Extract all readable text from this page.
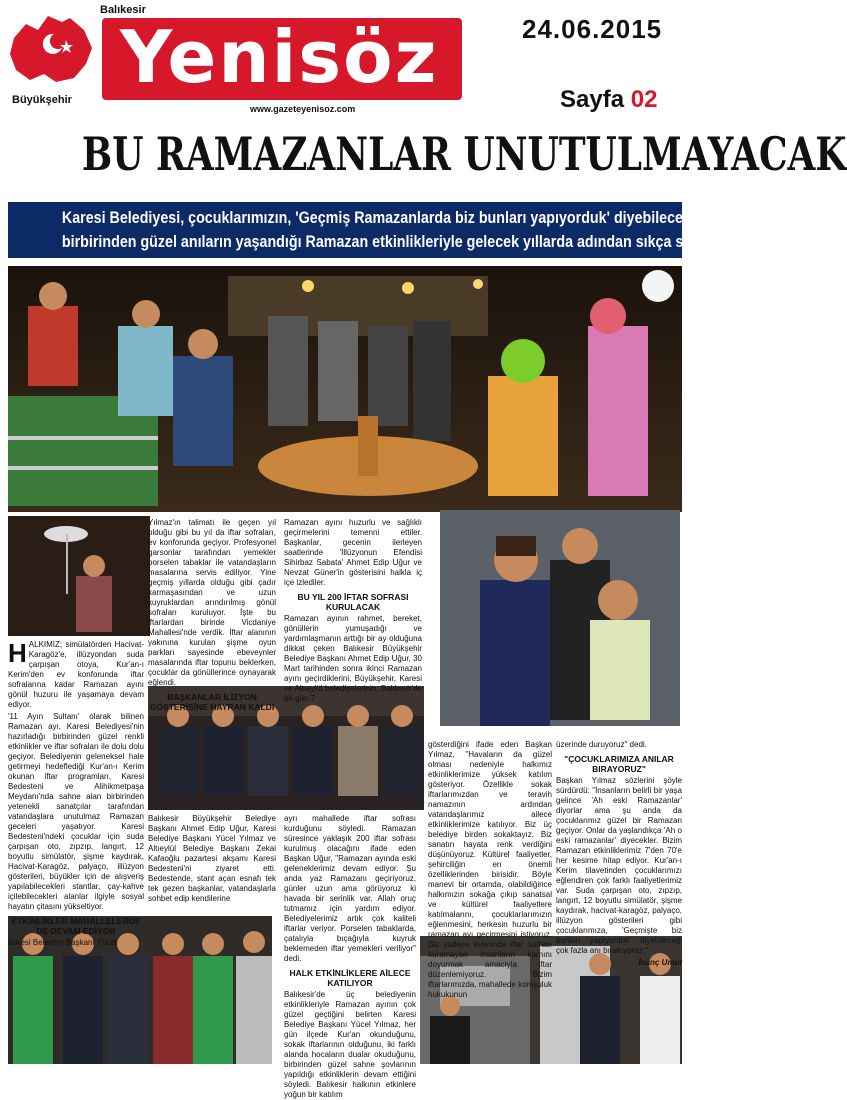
Balıkesir
Yenisöz
Büyükşehir
www.gazeteyenisoz.com
24.06.2015
Sayfa 02
BU RAMAZANLAR UNUTULMAYACAK
Karesi Belediyesi, çocuklarımızın, 'Geçmiş Ramazanlarda biz bunları yapıyorduk' diyebileceği,
birbirinden güzel anıların yaşandığı Ramazan etkinlikleriyle gelecek yıllarda adından sıkça söz ettirecek.

HALKIMIZ; simülatörden Hacivat-Karagöz'e, illüzyondan suda çarpışan otoya, Kur'an-ı Kerim'den ev konforunda iftar sofralarına kadar Ramazan ayını gönül huzuru ile yaşamaya devam ediyor.

'11 Ayın Sultanı' olarak bilinen Ramazan ayı, Karesi Belediyesi'nin hazırladığı birbirinden güzel renkli etkinlikler ve iftar sofraları ile dolu dolu geçiyor. Belediyenin geleneksel hale getirmeyi hedeflediği Kur'an-ı Kerim okunan iftar programları, Karesi Bedesteni ve Alihikmetpaşa Meydanı'nda sahne alan birbirinden yetenekli sanatçılar tarafından vatandaşlara unutulmaz Ramazan geceleri yaşatıyor. Karesi Bedesteni'ndeki çocuklar için suda çarpışan oto, zıpzıp, langırt, 12 boyutlu simülatör, şişme kaydırak, Hacivat-Karagöz, palyaço, illüzyon gösterileri, büyükler için de alışveriş yapılabilecekleri stantlar, çay-kahve içilebilecekleri alanlar ilgiyle sosyal hayatın çitasını yükseltiyor.

ETKİNLİKLER MAHALLELERDE DE DEVAM EDİYOR

Karesi Belediye Başkanı Yücel

Yılmaz'ın talimatı ile geçen yıl olduğu gibi bu yıl da iftar sofraları, ev konforunda geçiyor. Profesyonel garsonlar tarafından yemekler porselen tabaklar ile vatandaşların masalarına servis ediliyor. Yine geçmiş yıllarda olduğu gibi çadır karmaşasından ve uzun kuyruklardan arındırılmış gönül sofraları kuruluyor. İşte bu iftarlardan birinde Vicdaniye Mahallesi'nde verdik. İftar alanının yakınına kurulan şişme oyun parkları sayesinde ebeveynler masalarında iftar topunu beklerken, çocuklar da gönüllerince oynayarak eğlendi.

BAŞKANLAR İLİZYON GÖSTERİSİNE HAYRAN KALDI

Ramazan ayını huzurlu ve sağlıklı geçirmelerini temenni ettiler. Başkanlar, gecenin ilerleyen saatlerinde 'İllüzyonun Efendisi Sihirbaz Sabata' Ahmet Edip Uğur ve Nevzat Güner'in gösterisini halkla iç içe izlediler.

BU YIL 200 İFTAR SOFRASI KURULACAK

Ramazan ayının rahmet, bereket, gönüllerin yumuşadığı ve yardımlaşmanın arttığı bir ay olduğuna dikkat çeken Balıkesir Büyükşehir Belediye Başkanı Ahmet Edip Uğur, 30 Mart tarihinden sonra ikinci Ramazan ayını geçirdiklerini, Büyükşehir, Karesi ve Altıeylül belediyelerinin, Balıkesir'de bir gün 7

Balıkesir Büyükşehir Belediye Başkanı Ahmet Edip Uğur, Karesi Belediye Başkanı Yücel Yılmaz ve Altıeylül Belediye Başkanı Zekai Kafaoğlu pazartesi akşamı Karesi Bedesteni'ni ziyaret etti. Bedestende, stant açan esnafı tek tek gezen başkanlar, vatandaşlarla sohbet edip kendilerine

ayrı mahallede iftar sofrası kurduğunu söyledi. Ramazan süresince yaklaşık 200 iftar sofrası kurulmuş olacağını ifade eden Başkan Uğur, "Ramazan ayında eski geleneklerimiz devam ediyor. Şu anda yaz Ramazanı geçiriyoruz, günler uzun ama görüyoruz ki havada bir serinlik var. Allah oruç tutmamız için yardım ediyor. Belediyelerimiz artık çok kaliteli iftarlar veriyor. Porselen tabaklarda, çatalıyla bıçağıyla kuyruk beklemeden iftar yemekleri veriliyor" dedi.

HALK ETKİNLİKLERE AİLECE KATILIYOR

Balıkesir'de üç belediyenin etkinlikleriyle Ramazan ayının çok güzel geçtiğini belirten Karesi Belediye Başkanı Yücel Yılmaz, her gün ilçede Kur'an okunduğunu, sokak iftarlarının olduğunu, iki farklı alanda hocaların dualar okuduğunu, birbirinden güzel sahne şovlarının yapıldığı etkinliklerin devam ettiğini söyledi. Balıkesir halkının etkinlere yoğun bir katılım

gösterdiğini ifade eden Başkan Yılmaz, "Havaların da güzel olması nedeniyle halkımız etkinliklerimize yüksek katılım gösteriyor. Özellikle sokak iftarlarımızdan ve teravih namazının ardından vatandaşlarımız ailece etkinliklerimize katılıyor. Biz üç belediye birden sokaktayız. Biz sanatın hayata renk verdiğini düşünüyoruz. Kültürel faaliyetler, şehirciliğin en önemli özelliklerinden birisidir. Böyle manevi bir ortamda, olabildiğince halkımızın sokağa çıkıp sanatsal ve kültürel faaliyetlere katılmalarını, çocuklarlarımızın eğlenmesini, herkesin huzurlu bir ramazan ayı geçirmesini istiyoruz. Biz sadece evlerinde iftar sofrası kuramayan insanların karnını doyurmak amacıyla iftar düzenlemiyoruz. Bizim iftarlarımızda, mahallede komşuluk hukukunun

üzerinde duruyoruz" dedi.

"ÇOCUKLARIMIZA ANILAR BIRAYORUZ"

Başkan Yılmaz sözlerini şöyle sürdürdü: "İnsanların belirli bir yaşa gelince 'Ah eski Ramazanlar' diyorlar ama şu anda da çocuklarımız güzel bir Ramazan geçiyor. Onlar da yaşlandıkça 'Ah o eski ramazanlar' diyecekler. Bizim Ramazan etkinliklerimiz 7'den 70'e her kesime hitap ediyor. Kur'an-ı Kerim tilavetinden çocuklarımızı eğlendiren çok farklı faaliyetlerimiz var. Suda çarpışan oto, zıpzıp, langırt, 12 boyutlu simülatör, şişme kaydırak, hacivat-karagöz, palyaço, illüzyon gösterileri gibi çocuklarımıza, 'Geçmişte biz bunları yapıyorduk' diyebileceği çok fazla anı bırakıyoruz."

İnanç Umut
